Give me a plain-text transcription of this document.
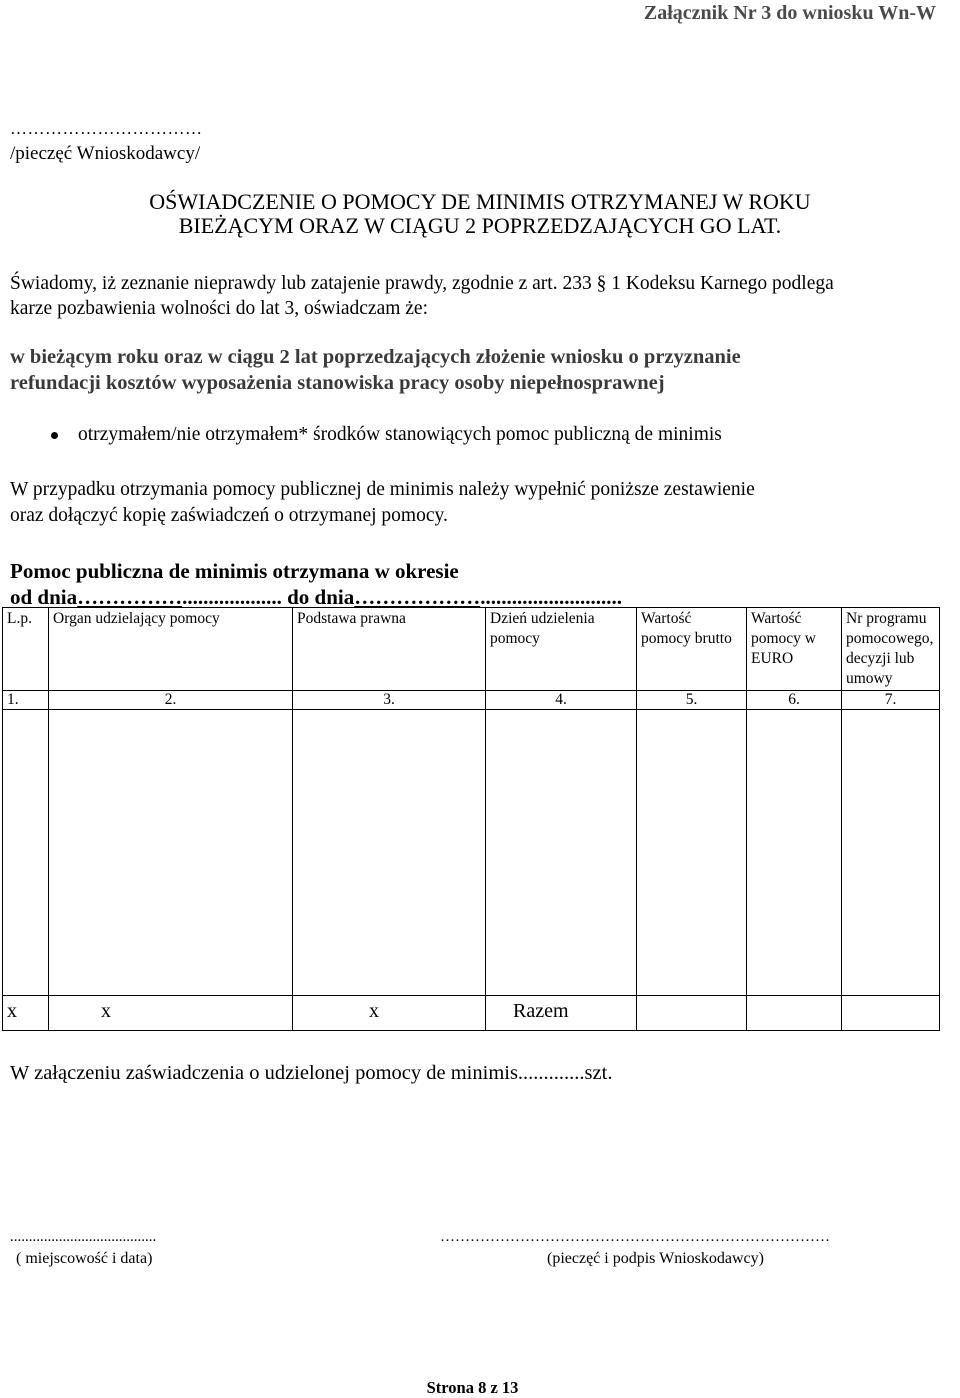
Załącznik Nr 3 do wniosku Wn-W
……………………………
/pieczęć Wnioskodawcy/
OŚWIADCZENIE O POMOCY DE MINIMIS OTRZYMANEJ W ROKU
BIEŻĄCYM ORAZ W CIĄGU 2 POPRZEDZAJĄCYCH GO LAT.
Świadomy, iż zeznanie nieprawdy lub zatajenie prawdy, zgodnie z art. 233 § 1 Kodeksu Karnego podlega
karze pozbawienia wolności do lat 3, oświadczam że:
w bieżącym roku oraz w ciągu 2 lat poprzedzających złożenie wniosku o przyznanie
refundacji kosztów wyposażenia stanowiska pracy osoby niepełnosprawnej
otrzymałem/nie otrzymałem* środków stanowiących pomoc publiczną de minimis
W przypadku otrzymania pomocy publicznej de minimis należy wypełnić poniższe zestawienie
oraz dołączyć kopię zaświadczeń o otrzymanej pomocy.
Pomoc publiczna de minimis otrzymana w okresie
od dnia……………................... do dnia………………...........................
L.p.	Organ udzielający pomocy	Podstawa prawna	Dzień udzielenia pomocy	Wartość pomocy brutto	Wartość pomocy w EURO	Nr programu pomocowego, decyzji lub umowy
1.	2.	3.	4.	5.	6.	7.

x	x	x	Razem			
W załączeniu zaświadczenia o udzielonej pomocy de minimis.............szt.
.......................................	……………………………………………………………………
( miejscowość i data)	(pieczęć i podpis Wnioskodawcy)
Strona 8 z 13
